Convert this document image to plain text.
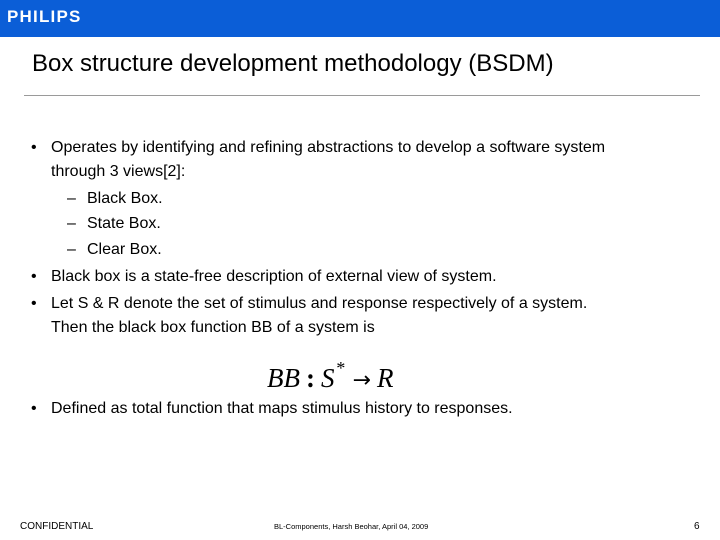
PHILIPS
Box structure development methodology (BSDM)
• Operates by identifying and refining abstractions to develop a software system
through 3 views[2]:
– Black Box.
– State Box.
– Clear Box.
• Black box is a state-free description of external view of system.
• Let S & R denote the set of stimulus and response respectively of a system.
Then the black box function BB of a system is
BB : S* → R
• Defined as total function that maps stimulus history to responses.
CONFIDENTIAL	BL-Components, Harsh Beohar, April 04, 2009	6
